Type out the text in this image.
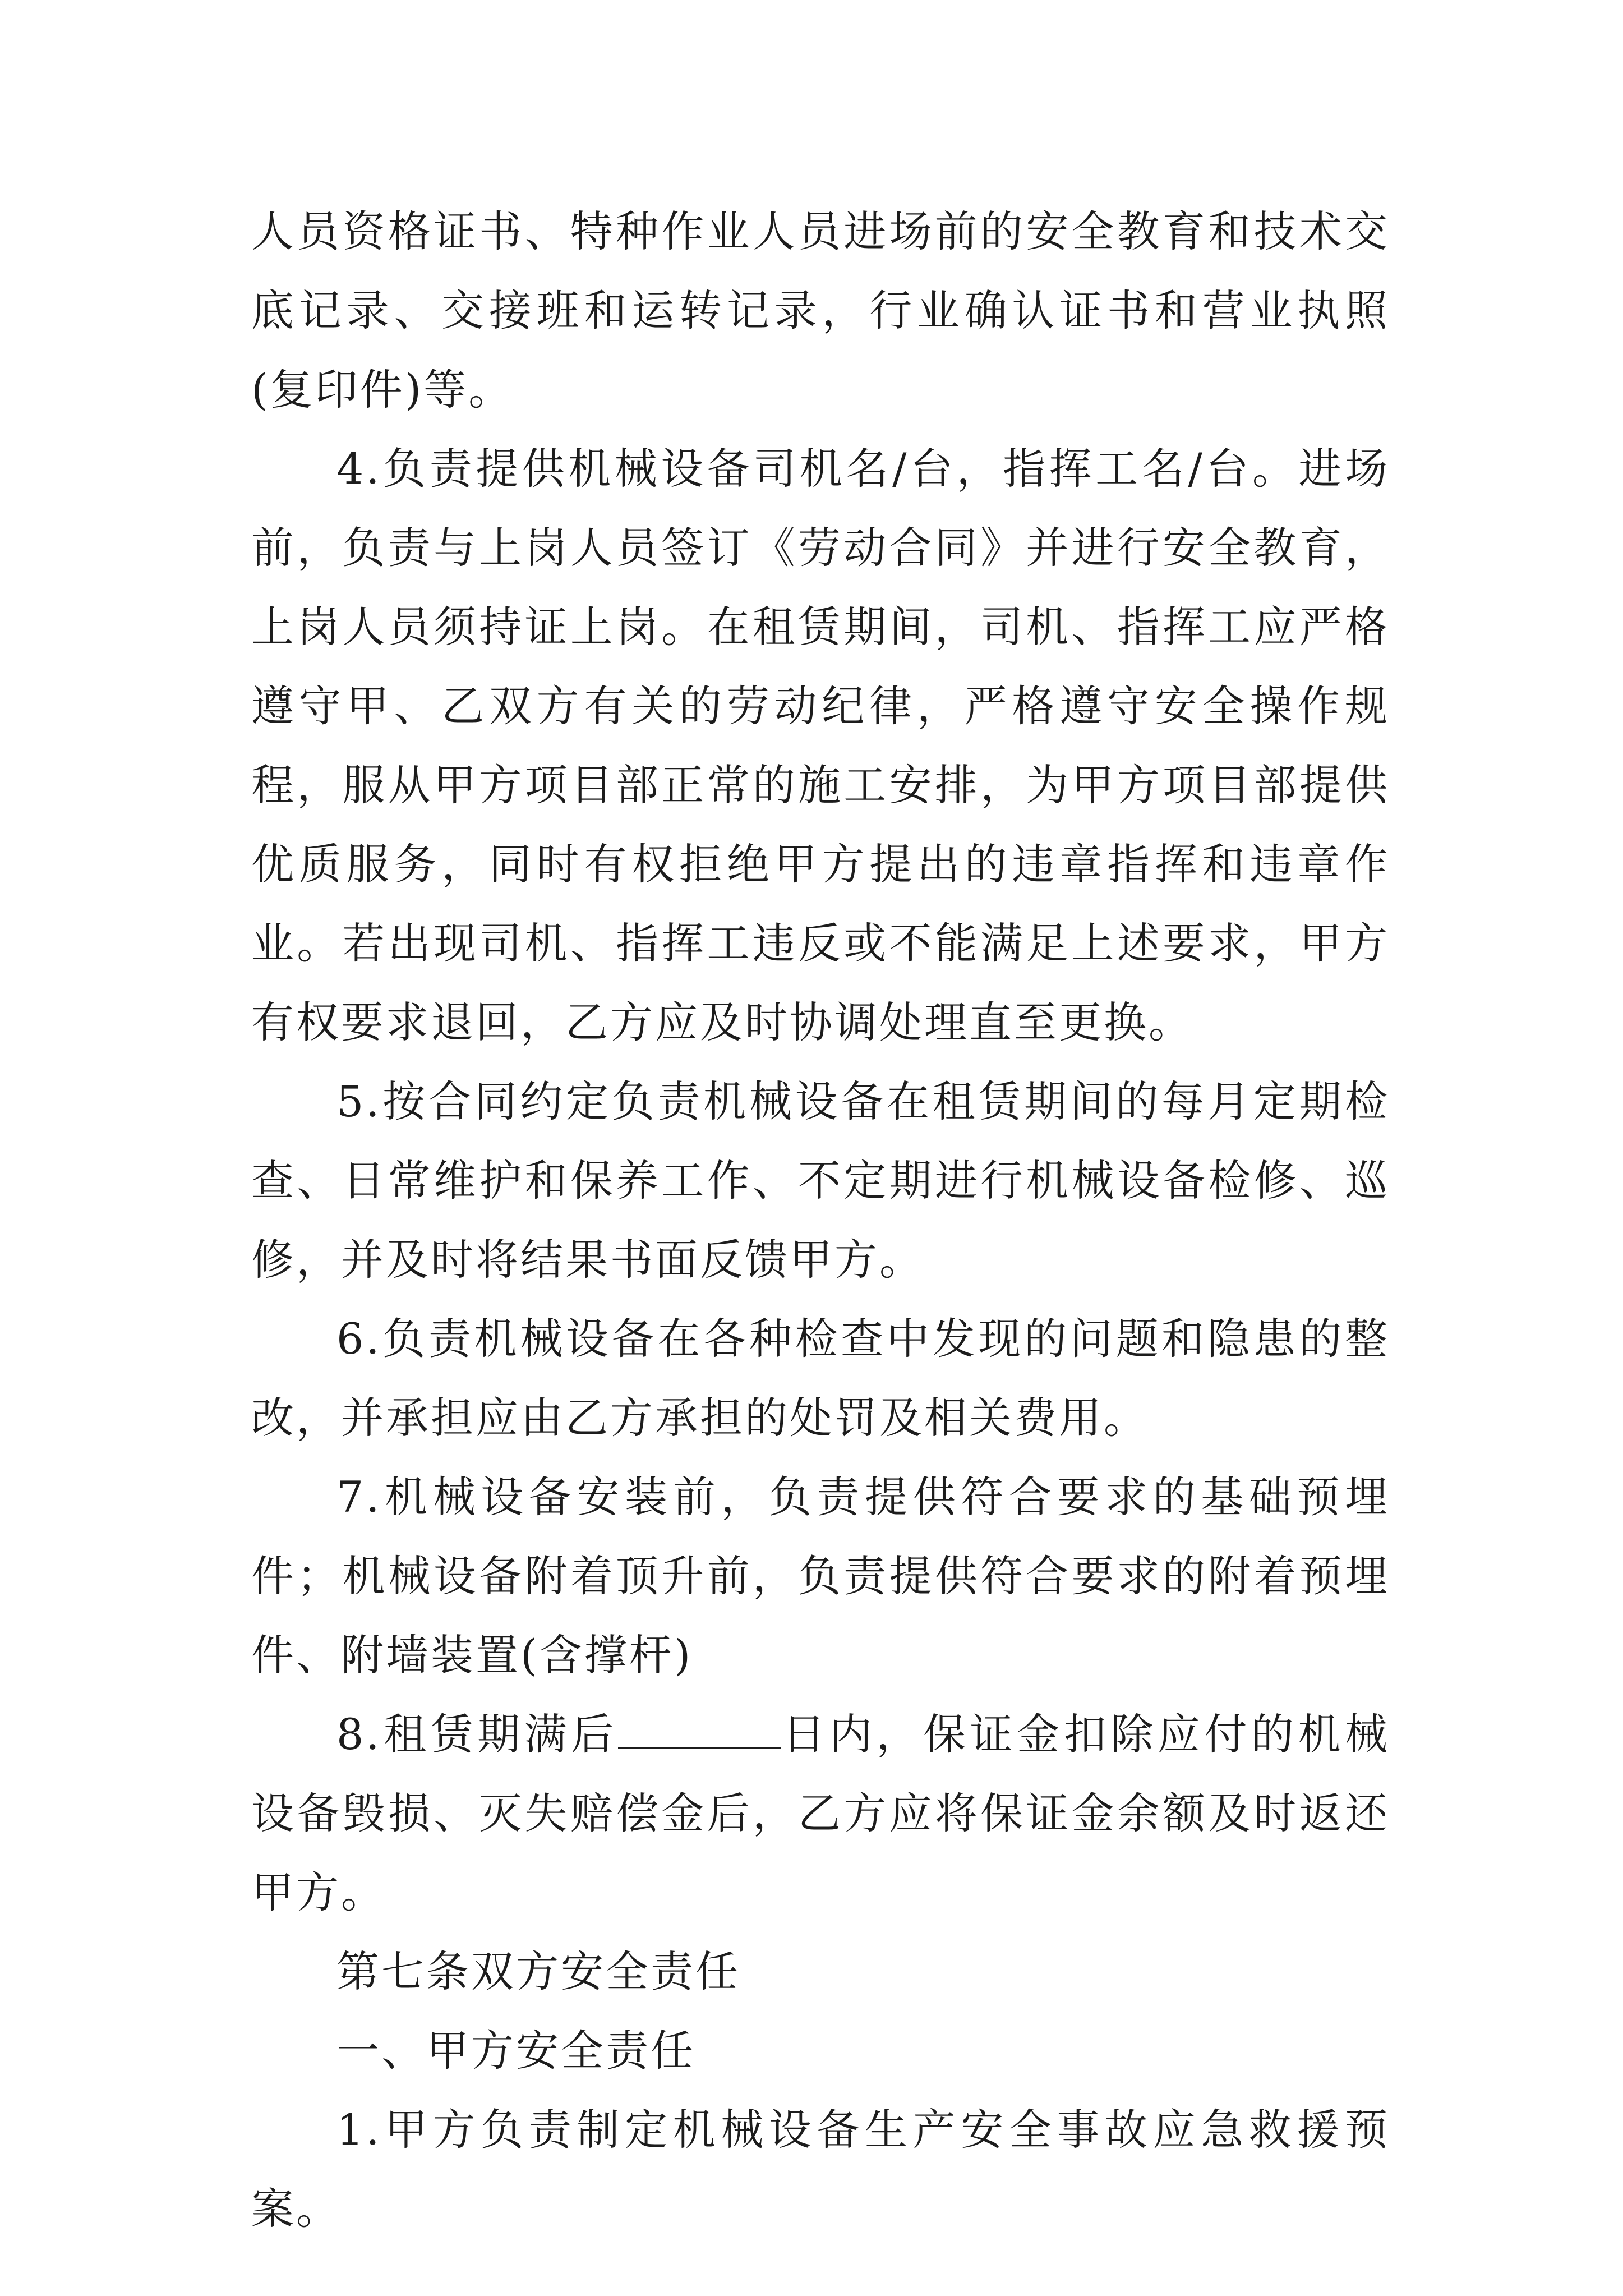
人员资格证书、特种作业人员进场前的安全教育和技术交底记录、交接班和运转记录，行业确认证书和营业执照(复印件)等。

4.负责提供机械设备司机名/台，指挥工名/台。进场前，负责与上岗人员签订《劳动合同》并进行安全教育，上岗人员须持证上岗。在租赁期间，司机、指挥工应严格遵守甲、乙双方有关的劳动纪律，严格遵守安全操作规程，服从甲方项目部正常的施工安排，为甲方项目部提供优质服务，同时有权拒绝甲方提出的违章指挥和违章作业。若出现司机、指挥工违反或不能满足上述要求，甲方有权要求退回，乙方应及时协调处理直至更换。

5.按合同约定负责机械设备在租赁期间的每月定期检查、日常维护和保养工作、不定期进行机械设备检修、巡修，并及时将结果书面反馈甲方。

6.负责机械设备在各种检查中发现的问题和隐患的整改，并承担应由乙方承担的处罚及相关费用。

7.机械设备安装前，负责提供符合要求的基础预埋件；机械设备附着顶升前，负责提供符合要求的附着预埋件、附墙装置(含撑杆)

8.租赁期满后	日内，保证金扣除应付的机械设备毁损、灭失赔偿金后，乙方应将保证金余额及时返还甲方。

第七条双方安全责任

一、甲方安全责任

1.甲方负责制定机械设备生产安全事故应急救援预案。
